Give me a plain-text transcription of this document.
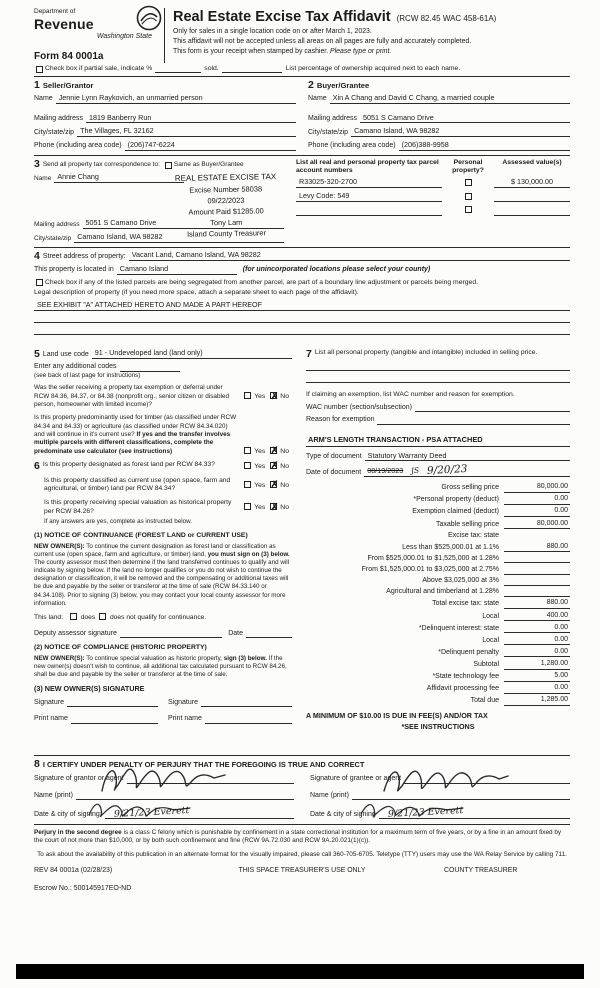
Department of
Revenue
Washington State
Form 84 0001a
Real Estate Excise Tax Affidavit (RCW 82.45 WAC 458-61A)
Only for sales in a single location code on or after March 1, 2023.
This affidavit will not be accepted unless all areas on all pages are fully and accurately completed.
This form is your receipt when stamped by cashier. Please type or print.
Check box if partial sale, indicate %	sold.	List percentage of ownership acquired next to each name.
1 Seller/Grantor
Name Jennie Lynn Raykovich, an unmarried person
Mailing address 1819 Banberry Run
City/state/zip The Villages, FL 32162
Phone (including area code) (206)747-6224
2 Buyer/Grantee
Name Xin A Chang and David C Chang, a married couple
Mailing address 5051 S Camano Drive
City/state/zip Camano Island, WA 98282
Phone (including area code) (206)388-9958
3 Send all property tax correspondence to:	Same as Buyer/Grantee
Name Annie Chang	REAL ESTATE EXCISE TAX
Excise Number 58038
09/22/2023
Amount Paid $1285.00
Tony Lam
Island County Treasurer
Mailing address 5051 S Camano Drive
City/state/zip Camano Island, WA 98282
List all real and personal property tax parcel account numbers
Personal property?
Assessed value(s)
R33025-320-2700	$ 130,000.00
Levy Code: 549
4 Street address of property: Vacant Land, Camano Island, WA 98282
This property is located in Camano Island	(for unincorporated locations please select your county)
Check box if any of the listed parcels are being segregated from another parcel, are part of a boundary line adjustment or parcels being merged.
Legal description of property (if you need more space, attach a separate sheet to each page of the affidavit).
SEE EXHIBIT "A" ATTACHED HERETO AND MADE A PART HEREOF
5 Land use code 91 - Undeveloped land (land only)
Enter any additional codes
(see back of last page for instructions)
Was the seller receiving a property tax exemption or deferral under RCW 84.36, 84.37, or 84.38 (nonprofit org., senior citizen or disabled person, homeowner with limited income)?
Yes ✗ No
Is this property predominantly used for timber (as classified under RCW 84.34 and 84.33) or agriculture (as classified under RCW 84.34.020) and will continue in it's current use? If yes and the transfer involves multiple parcels with different classifications, complete the predominate use calculator (see instructions)	Yes ✗ No
6 Is this property designated as forest land per RCW 84.33?	Yes ✗ No
Is this property classified as current use (open space, farm and agricultural, or timber) land per RCW 84.34?
Yes ✗ No
Is this property receiving special valuation as historical property per RCW 84.26?
Yes ✗ No
If any answers are yes, complete as instructed below.
(1) NOTICE OF CONTINUANCE (FOREST LAND or CURRENT USE)
NEW OWNER(S): To continue the current designation as forest land or classification as current use (open space, farm and agriculture, or timber) land, you must sign on (3) below. The county assessor must then determine if the land transferred continues to qualify and will indicate by signing below. If the land no longer qualifies or you do not wish to continue the designation or classification, it will be removed and the compensating or additional taxes will be due and payable by the seller or transferor at the time of sale (RCW 84.33.140 or 84.34.108). Prior to signing (3) below, you may contact your local county assessor for more information.
This land:	does does not qualify for continuance.
Deputy assessor signature	Date
(2) NOTICE OF COMPLIANCE (HISTORIC PROPERTY)
NEW OWNER(S): To continue special valuation as historic property, sign (3) below. If the new owner(s) doesn't wish to continue, all additional tax calculated pursuant to RCW 84.26, shall be due and payable by the seller or transferor at the time of sale.
(3) NEW OWNER(S) SIGNATURE
Signature
Print name
Signature
Print name
7 List all personal property (tangible and intangible) included in selling price.
If claiming an exemption, list WAC number and reason for exemption.
WAC number (section/subsection)
Reason for exemption
ARM'S LENGTH TRANSACTION - PSA ATTACHED
Type of document Statutory Warranty Deed
Date of document 08/19/2023 JS 9/20/23
Gross selling price	80,000.00
*Personal property (deduct)	0.00
Exemption claimed (deduct)	0.00
Taxable selling price	80,000.00
Excise tax: state
Less than $525,000.01 at 1.1%	880.00
From $525,000.01 to $1,525,000 at 1.28%
From $1,525,000.01 to $3,025,000 at 2.75%
Above $3,025,000 at 3%
Agricultural and timberland at 1.28%
Total excise tax: state	880.00
Local	400.00
*Delinquent interest: state	0.00
Local	0.00
*Delinquent penalty	0.00
Subtotal	1,280.00
*State technology fee	5.00
Affidavit processing fee	0.00
Total due	1,285.00
A MINIMUM OF $10.00 IS DUE IN FEE(S) AND/OR TAX
*SEE INSTRUCTIONS
8 I CERTIFY UNDER PENALTY OF PERJURY THAT THE FOREGOING IS TRUE AND CORRECT
Signature of grantor or agent
Name (print)
Date & city of signing:	9/21/23 Everett
Signature of grantee or agent
Name (print)
Date & city of signing	9/21/23 Everett
Perjury in the second degree is a class C felony which is punishable by confinement in a state correctional institution for a maximum term of five years, or by a fine in an amount fixed by the court of not more than $10,000, or by both such confinement and fine (RCW 9A.72.030 and RCW 9A.20.021(1)(c)).
To ask about the availability of this publication in an alternate format for the visually impaired, please call 360-705-6705. Teletype (TTY) users may use the WA Relay Service by calling 711.
REV 84 0001a (02/28/23)	THIS SPACE TREASURER'S USE ONLY	COUNTY TREASURER
Escrow No.: 500145917EO-ND
